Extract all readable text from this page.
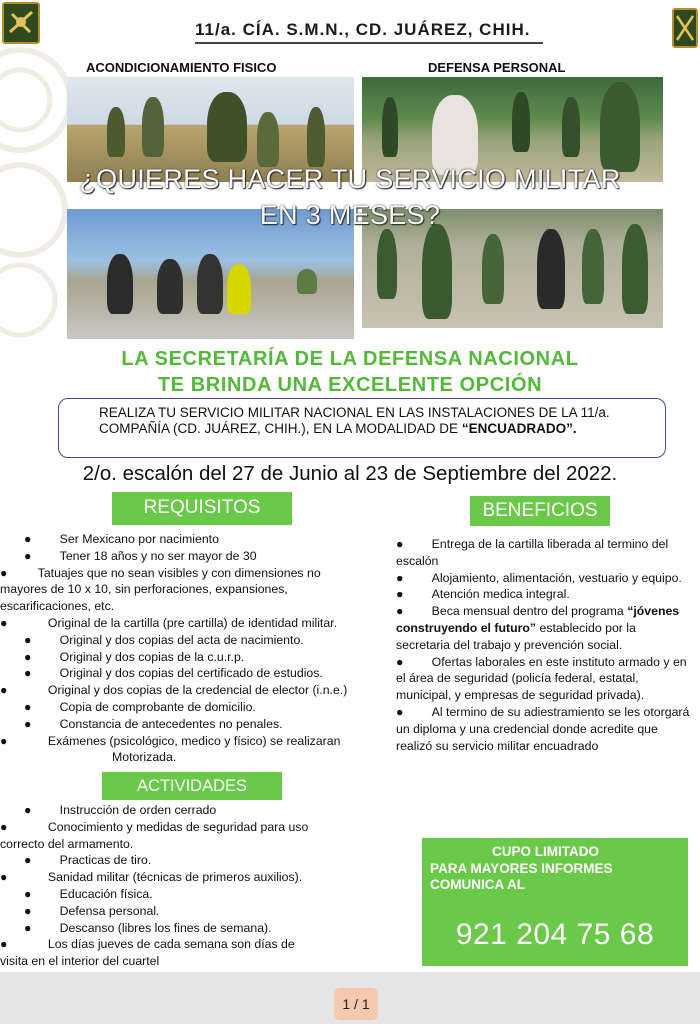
11/a. CÍA. S.M.N., CD. JUÁREZ, CHIH.
ACONDICIONAMIENTO FISICO	DEFENSA PERSONAL
¿QUIERES HACER TU SERVICIO MILITAR
EN 3 MESES?
LA SECRETARÍA DE LA DEFENSA NACIONAL
TE BRINDA UNA EXCELENTE OPCIÓN
REALIZA TU SERVICIO MILITAR NACIONAL EN LAS INSTALACIONES DE LA 11/a. COMPAÑÍA (CD. JUÁREZ, CHIH.), EN LA MODALIDAD DE “ENCUADRADO”.
2/o. escalón del 27 de Junio al 23 de Septiembre del 2022.
REQUISITOS	BENEFICIOS
● Ser Mexicano por nacimiento
● Tener 18 años y no ser mayor de 30
● Tatuajes que no sean visibles y con dimensiones no mayores de 10 x 10, sin perforaciones, expansiones, escarificaciones, etc.
●	Original de la cartilla (pre cartilla) de identidad militar.
● Original y dos copias del acta de nacimiento.
● Original y dos copias de la c.u.r.p.
● Original y dos copias del certificado de estudios.
●	Original y dos copias de la credencial de elector (i.n.e.)
● Copia de comprobante de domicilio.
● Constancia de antecedentes no penales.
●	Exámenes (psicológico, medico y físico) se realizaran Motorizada.
ACTIVIDADES
● Instrucción de orden cerrado
●	Conocimiento y medidas de seguridad para uso correcto del armamento.
● Practicas de tiro.
●	Sanidad militar (técnicas de primeros auxilios).
● Educación física.
● Defensa personal.
● Descanso (libres los fines de semana).
●	Los días jueves de cada semana son días de visita en el interior del cuartel
● Entrega de la cartilla liberada al termino del escalón
● Alojamiento, alimentación, vestuario y equipo.
● Atención medica integral.
● Beca mensual dentro del programa “jóvenes construyendo el futuro” establecido por la secretaria del trabajo y prevención social.
● Ofertas laborales en este instituto armado y en el área de seguridad (policía federal, estatal, municipal, y empresas de seguridad privada).
● Al termino de su adiestramiento se les otorgará un diploma y una credencial donde acredite que realizó su servicio militar encuadrado
CUPO LIMITADO
PARA MAYORES INFORMES
COMUNICA AL
921 204 75 68
1 / 1
